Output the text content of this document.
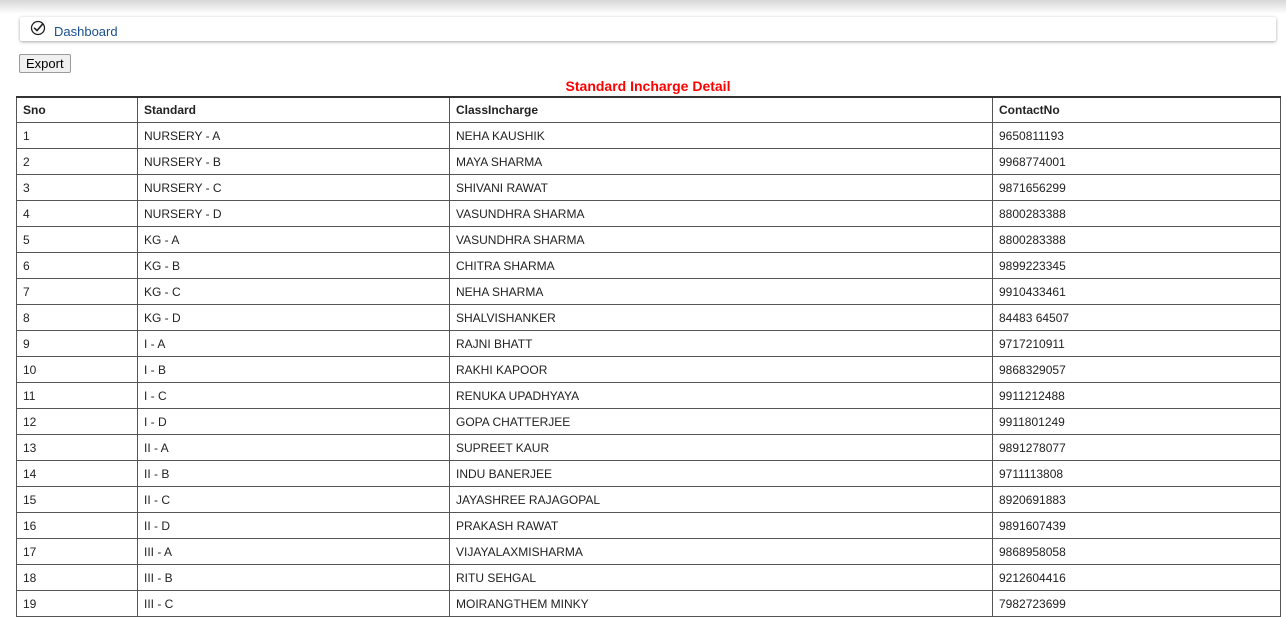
Dashboard
Export
Standard Incharge Detail
Sno	Standard	ClassIncharge	ContactNo
1	NURSERY - A	NEHA KAUSHIK	9650811193
2	NURSERY - B	MAYA SHARMA	9968774001
3	NURSERY - C	SHIVANI RAWAT	9871656299
4	NURSERY - D	VASUNDHRA SHARMA	8800283388
5	KG - A	VASUNDHRA SHARMA	8800283388
6	KG - B	CHITRA SHARMA	9899223345
7	KG - C	NEHA SHARMA	9910433461
8	KG - D	SHALVISHANKER	84483 64507
9	I - A	RAJNI BHATT	9717210911
10	I - B	RAKHI KAPOOR	9868329057
11	I - C	RENUKA UPADHYAYA	9911212488
12	I - D	GOPA CHATTERJEE	9911801249
13	II - A	SUPREET KAUR	9891278077
14	II - B	INDU BANERJEE	9711113808
15	II - C	JAYASHREE RAJAGOPAL	8920691883
16	II - D	PRAKASH RAWAT	9891607439
17	III - A	VIJAYALAXMISHARMA	9868958058
18	III - B	RITU SEHGAL	9212604416
19	III - C	MOIRANGTHEM MINKY	7982723699
